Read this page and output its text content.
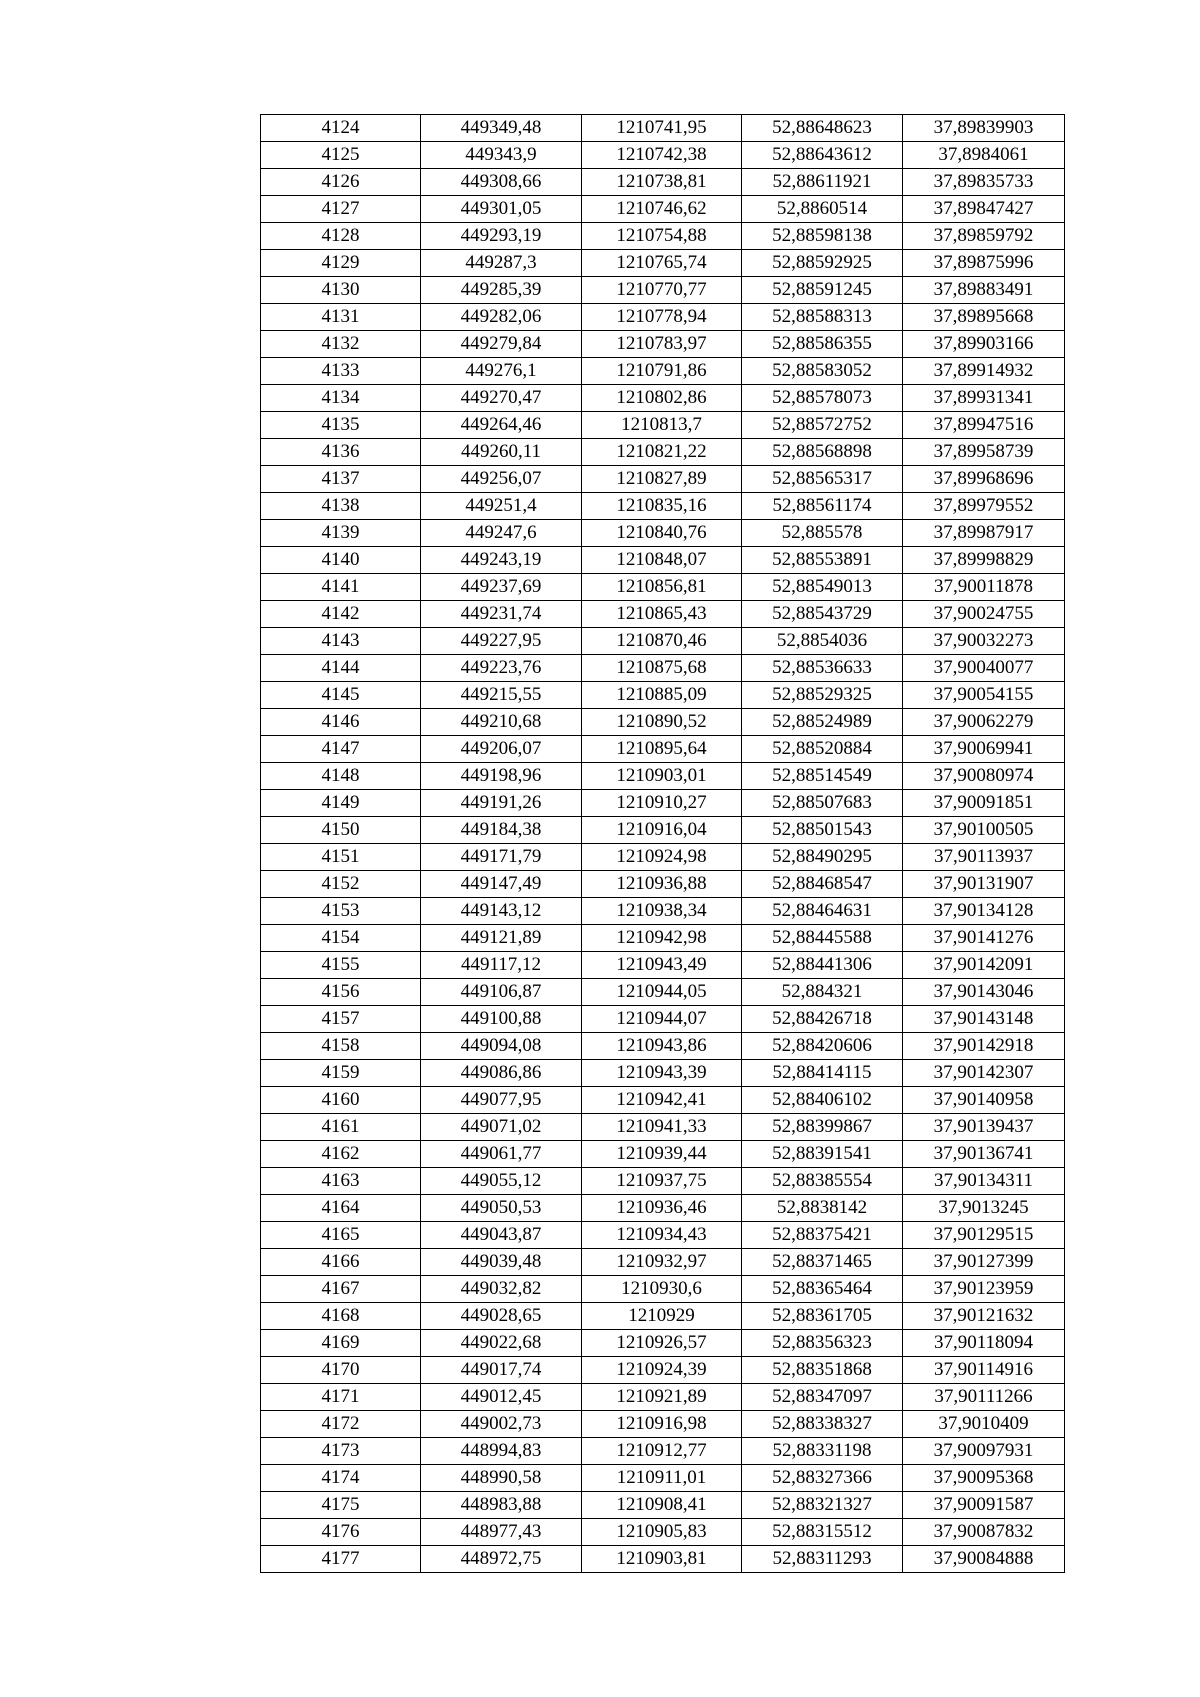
4124	449349,48	1210741,95	52,88648623	37,89839903
4125	449343,9	1210742,38	52,88643612	37,8984061
4126	449308,66	1210738,81	52,88611921	37,89835733
4127	449301,05	1210746,62	52,8860514	37,89847427
4128	449293,19	1210754,88	52,88598138	37,89859792
4129	449287,3	1210765,74	52,88592925	37,89875996
4130	449285,39	1210770,77	52,88591245	37,89883491
4131	449282,06	1210778,94	52,88588313	37,89895668
4132	449279,84	1210783,97	52,88586355	37,89903166
4133	449276,1	1210791,86	52,88583052	37,89914932
4134	449270,47	1210802,86	52,88578073	37,89931341
4135	449264,46	1210813,7	52,88572752	37,89947516
4136	449260,11	1210821,22	52,88568898	37,89958739
4137	449256,07	1210827,89	52,88565317	37,89968696
4138	449251,4	1210835,16	52,88561174	37,89979552
4139	449247,6	1210840,76	52,885578	37,89987917
4140	449243,19	1210848,07	52,88553891	37,89998829
4141	449237,69	1210856,81	52,88549013	37,90011878
4142	449231,74	1210865,43	52,88543729	37,90024755
4143	449227,95	1210870,46	52,8854036	37,90032273
4144	449223,76	1210875,68	52,88536633	37,90040077
4145	449215,55	1210885,09	52,88529325	37,90054155
4146	449210,68	1210890,52	52,88524989	37,90062279
4147	449206,07	1210895,64	52,88520884	37,90069941
4148	449198,96	1210903,01	52,88514549	37,90080974
4149	449191,26	1210910,27	52,88507683	37,90091851
4150	449184,38	1210916,04	52,88501543	37,90100505
4151	449171,79	1210924,98	52,88490295	37,90113937
4152	449147,49	1210936,88	52,88468547	37,90131907
4153	449143,12	1210938,34	52,88464631	37,90134128
4154	449121,89	1210942,98	52,88445588	37,90141276
4155	449117,12	1210943,49	52,88441306	37,90142091
4156	449106,87	1210944,05	52,884321	37,90143046
4157	449100,88	1210944,07	52,88426718	37,90143148
4158	449094,08	1210943,86	52,88420606	37,90142918
4159	449086,86	1210943,39	52,88414115	37,90142307
4160	449077,95	1210942,41	52,88406102	37,90140958
4161	449071,02	1210941,33	52,88399867	37,90139437
4162	449061,77	1210939,44	52,88391541	37,90136741
4163	449055,12	1210937,75	52,88385554	37,90134311
4164	449050,53	1210936,46	52,8838142	37,9013245
4165	449043,87	1210934,43	52,88375421	37,90129515
4166	449039,48	1210932,97	52,88371465	37,90127399
4167	449032,82	1210930,6	52,88365464	37,90123959
4168	449028,65	1210929	52,88361705	37,90121632
4169	449022,68	1210926,57	52,88356323	37,90118094
4170	449017,74	1210924,39	52,88351868	37,90114916
4171	449012,45	1210921,89	52,88347097	37,90111266
4172	449002,73	1210916,98	52,88338327	37,9010409
4173	448994,83	1210912,77	52,88331198	37,90097931
4174	448990,58	1210911,01	52,88327366	37,90095368
4175	448983,88	1210908,41	52,88321327	37,90091587
4176	448977,43	1210905,83	52,88315512	37,90087832
4177	448972,75	1210903,81	52,88311293	37,90084888
